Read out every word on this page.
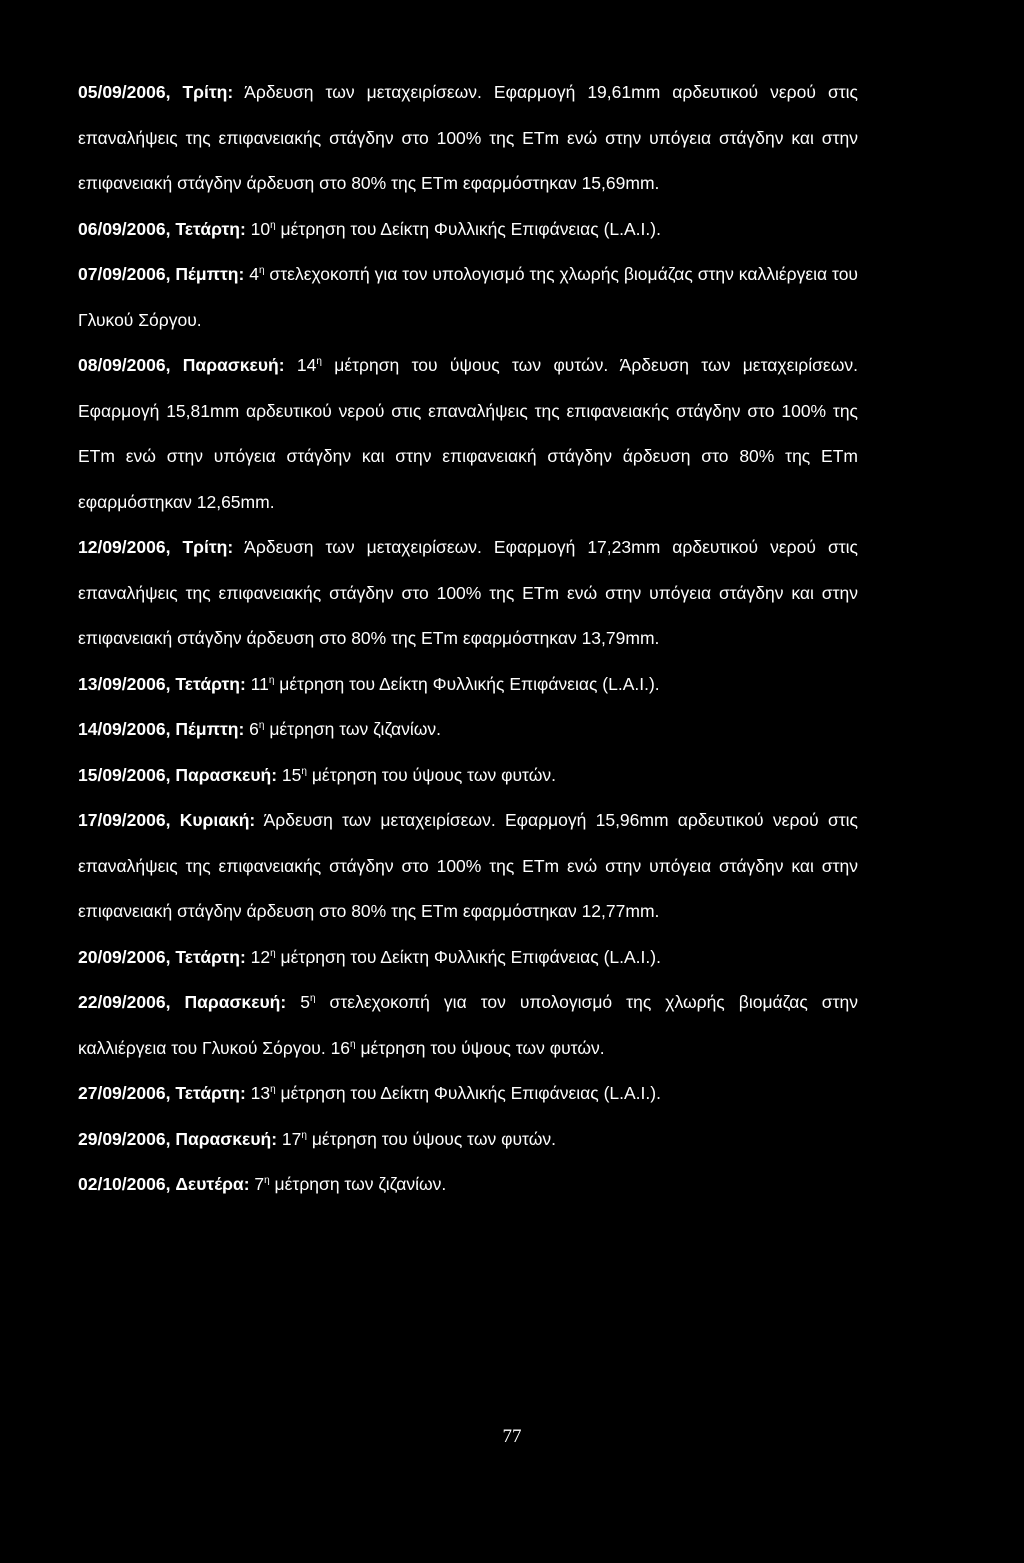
05/09/2006, Τρίτη: Άρδευση των μεταχειρίσεων. Εφαρμογή 19,61mm αρδευτικού νερού στις επαναλήψεις της επιφανειακής στάγδην στο 100% της ETm ενώ στην υπόγεια στάγδην και στην επιφανειακή στάγδην άρδευση στο 80% της ETm εφαρμόστηκαν 15,69mm.

06/09/2006, Τετάρτη: $10^\eta$ μέτρηση του Δείκτη Φυλλικής Επιφάνειας (L.A.I.).

07/09/2006, Πέμπτη: $4^\eta$ στελεχοκοπή για τον υπολογισμό της χλωρής βιομάζας στην καλλιέργεια του Γλυκού Σόργου.

08/09/2006, Παρασκευή: $14^\eta$ μέτρηση του ύψους των φυτών. Άρδευση των μεταχειρίσεων. Εφαρμογή 15,81mm αρδευτικού νερού στις επαναλήψεις της επιφανειακής στάγδην στο 100% της ETm ενώ στην υπόγεια στάγδην και στην επιφανειακή στάγδην άρδευση στο 80% της ETm εφαρμόστηκαν 12,65mm.

12/09/2006, Τρίτη: Άρδευση των μεταχειρίσεων. Εφαρμογή 17,23mm αρδευτικού νερού στις επαναλήψεις της επιφανειακής στάγδην στο 100% της ETm ενώ στην υπόγεια στάγδην και στην επιφανειακή στάγδην άρδευση στο 80% της ETm εφαρμόστηκαν 13,79mm.

13/09/2006, Τετάρτη: $11^\eta$ μέτρηση του Δείκτη Φυλλικής Επιφάνειας (L.A.I.).

14/09/2006, Πέμπτη: $6^\eta$ μέτρηση των ζιζανίων.

15/09/2006, Παρασκευή: $15^\eta$ μέτρηση του ύψους των φυτών.

17/09/2006, Κυριακή: Άρδευση των μεταχειρίσεων. Εφαρμογή 15,96mm αρδευτικού νερού στις επαναλήψεις της επιφανειακής στάγδην στο 100% της ETm ενώ στην υπόγεια στάγδην και στην επιφανειακή στάγδην άρδευση στο 80% της ETm εφαρμόστηκαν 12,77mm.

20/09/2006, Τετάρτη: $12^\eta$ μέτρηση του Δείκτη Φυλλικής Επιφάνειας (L.A.I.).

22/09/2006, Παρασκευή: $5^\eta$ στελεχοκοπή για τον υπολογισμό της χλωρής βιομάζας στην καλλιέργεια του Γλυκού Σόργου. $16^\eta$ μέτρηση του ύψους των φυτών.

27/09/2006, Τετάρτη: $13^\eta$ μέτρηση του Δείκτη Φυλλικής Επιφάνειας (L.A.I.).

29/09/2006, Παρασκευή: $17^\eta$ μέτρηση του ύψους των φυτών.

02/10/2006, Δευτέρα: $7^\eta$ μέτρηση των ζιζανίων.

77
